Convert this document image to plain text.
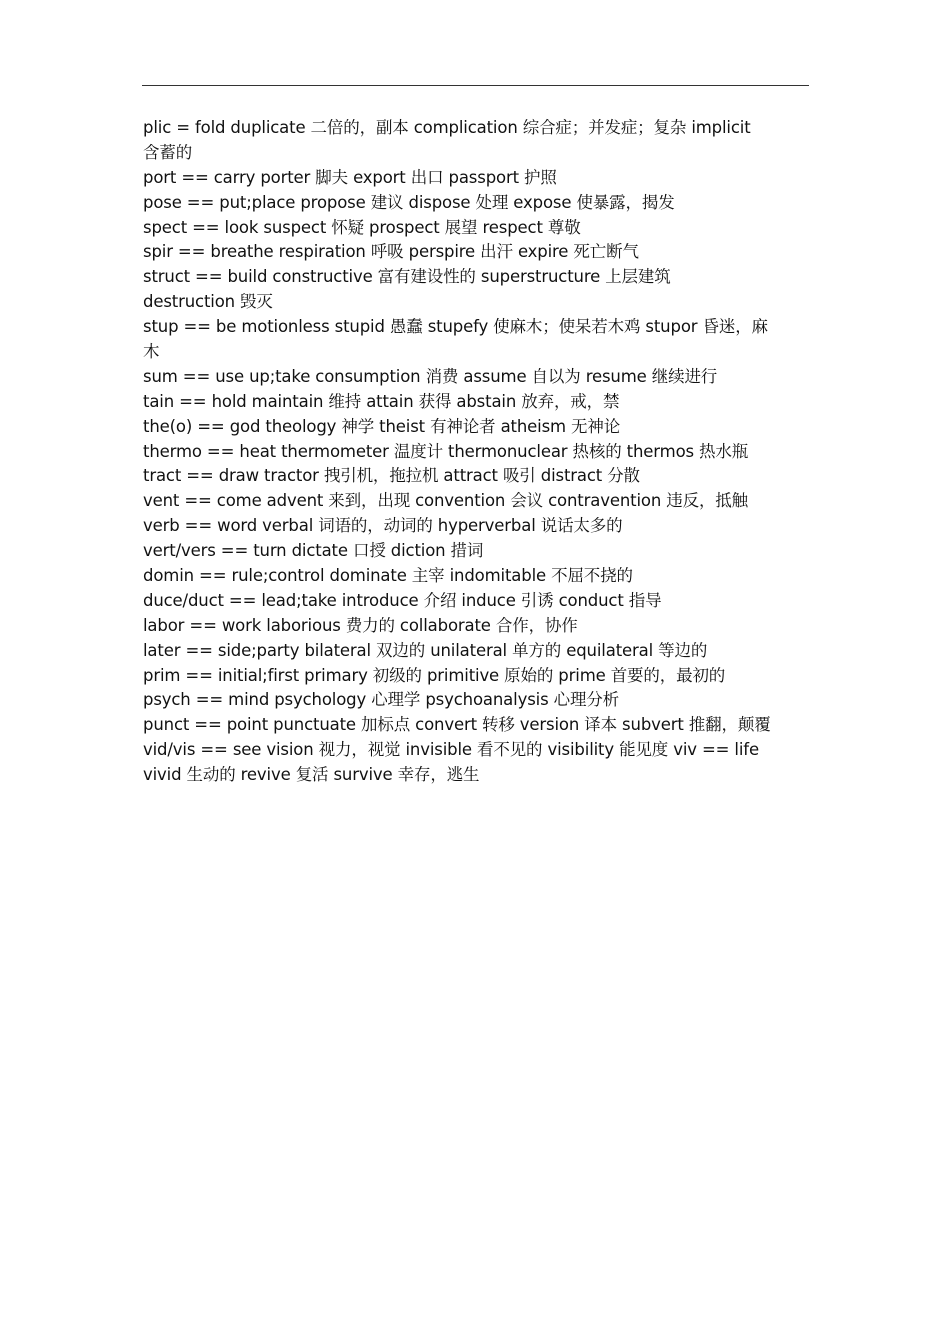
plic = fold duplicate 二倍的，副本 complication 综合症；并发症；复杂 implicit
含蓄的
port == carry porter 脚夫 export 出口 passport 护照
pose == put;place propose 建议 dispose 处理 expose 使暴露，揭发
spect == look suspect 怀疑 prospect 展望 respect 尊敬
spir == breathe respiration 呼吸 perspire 出汗 expire 死亡断气
struct == build constructive 富有建设性的 superstructure 上层建筑
destruction 毁灭
stup == be motionless stupid 愚蠢 stupefy 使麻木；使呆若木鸡 stupor 昏迷，麻
木
sum == use up;take consumption 消费 assume 自以为 resume 继续进行
tain == hold maintain 维持 attain 获得 abstain 放弃，戒，禁
the(o) == god theology 神学 theist 有神论者 atheism 无神论
thermo == heat thermometer 温度计 thermonuclear 热核的 thermos 热水瓶
tract == draw tractor 拽引机，拖拉机 attract 吸引 distract 分散
vent == come advent 来到，出现 convention 会议 contravention 违反，抵触
verb == word verbal 词语的，动词的 hyperverbal 说话太多的
vert/vers == turn dictate 口授 diction 措词
domin == rule;control dominate 主宰 indomitable 不屈不挠的
duce/duct == lead;take introduce 介绍 induce 引诱 conduct 指导
labor == work laborious 费力的 collaborate 合作，协作
later == side;party bilateral 双边的 unilateral 单方的 equilateral 等边的
prim == initial;first primary 初级的 primitive 原始的 prime 首要的，最初的
psych == mind psychology 心理学 psychoanalysis 心理分析
punct == point punctuate 加标点 convert 转移 version 译本 subvert 推翻，颠覆
vid/vis == see vision 视力，视觉 invisible 看不见的 visibility 能见度 viv == life
vivid 生动的 revive 复活 survive 幸存，逃生
